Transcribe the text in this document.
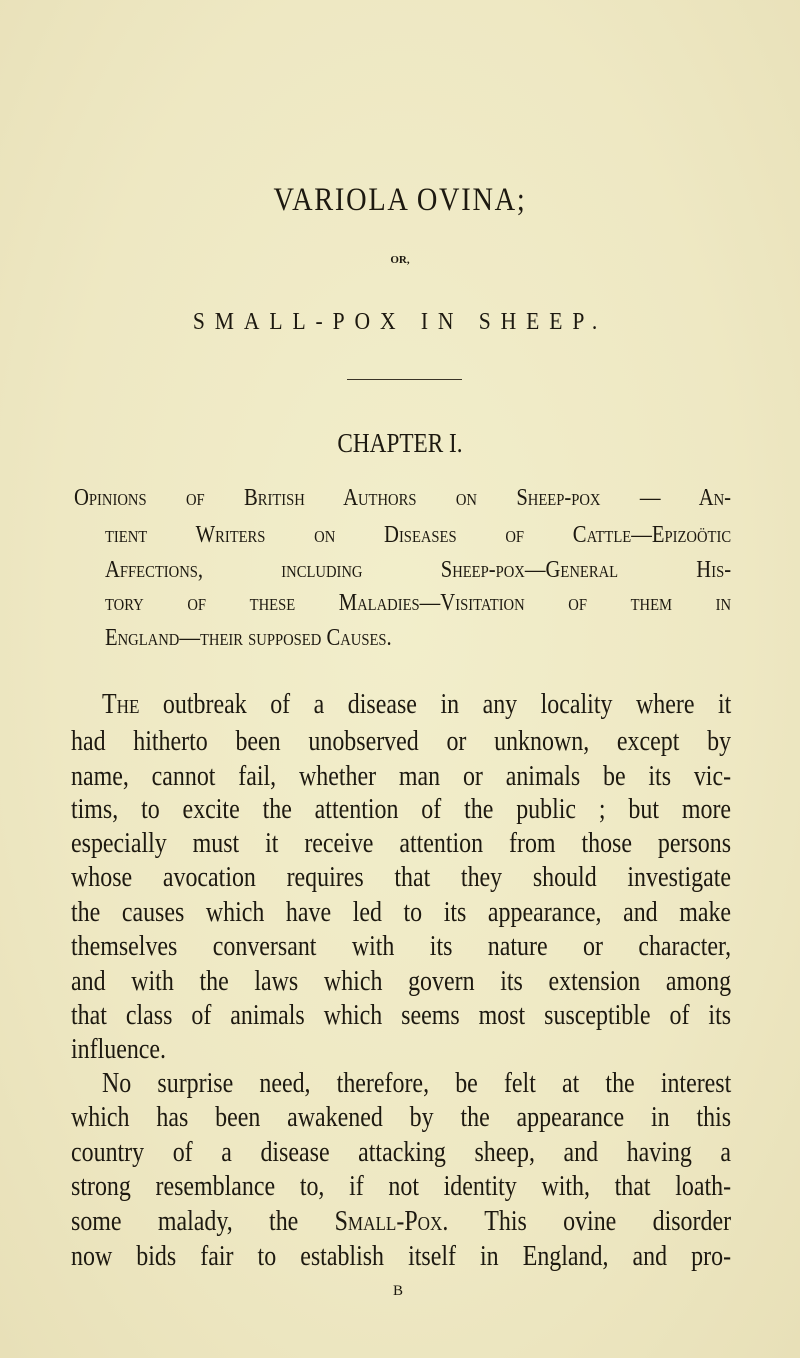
VARIOLA OVINA;
OR,
SMALL-POX IN SHEEP.
CHAPTER I.
Opinions of British Authors on Sheep-pox — An-
tient Writers on Diseases of Cattle—Epizoötic
Affections, including Sheep-pox—General His-
tory of these Maladies—Visitation of them in
England—their supposed Causes.
The outbreak of a disease in any locality where it
had hitherto been unobserved or unknown, except by
name, cannot fail, whether man or animals be its vic-
tims, to excite the attention of the public ; but more
especially must it receive attention from those persons
whose avocation requires that they should investigate
the causes which have led to its appearance, and make
themselves conversant with its nature or character,
and with the laws which govern its extension among
that class of animals which seems most susceptible of its
influence.
No surprise need, therefore, be felt at the interest
which has been awakened by the appearance in this
country of a disease attacking sheep, and having a
strong resemblance to, if not identity with, that loath-
some malady, the Small-Pox. This ovine disorder
now bids fair to establish itself in England, and pro-
B
